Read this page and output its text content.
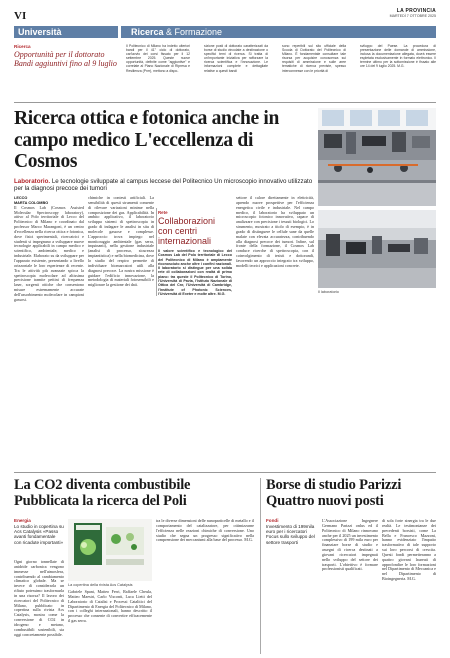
VI	LA PROVINCIA
MARTEDÌ 7 OTTOBRE 2025
Università	Ricerca & Formazione
Ricerca
Opportunità per il dottorato Bandi aggiuntivi fino al 9 luglio
Il Politecnico di Milano ha indetto ulteriori bandi per il 41° ciclo di dottorato, cari'avvio dei corsi fissato per il 12 settembre 2025. Queste nuove opportunità, definite come "aggiuntive" e correlate al Piano Nazionale di Ripresa e Resilienza (Pnrr), mettono a dispo-
sizione posti di dottorato caratterizzati da borse di studio vincolate a destinazione o specifici temi di ricerca. Si tratta di un'importante iniziativa per rafforzare la ricerca scientifica e l'innovazione. Le informazioni complete e dettagliate relative a questi bandi
sono reperibili sul sito ufficiale della Scuola di Dottorato del Politecnico di Milano. È fondamentale consultare tale risorsa per acquisire conoscenza sui requisiti di ammissione e sulle aree tematiche di ricerca previste, spesso interconnesse con le priorità di
sviluppo del Paese. La procedura di presentazione delle domande di ammissione, inclusa la documentazione allegata, dovrà essere espletata esclusivamente in formato elettronico. Il termine ultimo per la sottomissione è fissato alle ore 14 del 9 luglio 2025. M.G.
Ricerca ottica e fotonica anche in campo medico L'eccellenza di Cosmos
Laboratorio. Le tecnologie sviluppate al campus leccese del Politecnico Un microscopio innovativo utilizzato per la diagnosi precoce dei tumori
Il laboratorio
LECCO
MARTA COLOMBO
Il Cosmos Lab (Cosmos Assisted Molecular Spectroscopy laboratory), attivo al Polo territoriale di Lecco del Politecnico di Milano e coordinato dal professor Marco Marangoni, è un centro d'eccellenza nella ricerca ottica e fotonica, dove fisici sperimentali, ricercatrici e studenti si impegnano a sviluppare nuove tecnologie applicabili in campo medico e scientifico, ambientale, medico e industriale. Elaborato su da sviluppare per l'apparato esistente, presentando a livello orizzontale le loro esperienze di recente. Tra le attività più avanzate spicca la spettroscopia molecolare ad altissima precisione tramite pettini di frequenza laser, sorgenti ottiche che consentono misure estremamente accurate dell'assorbimento molecolare in campioni gassosi.
chimiche in contesti artificiali. La sensibilità di questi strumenti consente di rilevare variazioni minime nella composizione dei gas. Applicabilità. In ambito applicativo, il laboratorio sviluppa sistemi di spettroscopia in grado di indagare le analisi in situ di molecole gassose e complesse. L'approccio trova impiego nel monitoraggio ambientale (gas serra, inquinanti), nella gestione industriale (analisi di processo, sicurezza impiantistica) e nella biomedicina, dove lo studio del respiro permette di individuare biomarcatori utili alla diagnosi precoce. La nostra missione è guidare l'edificio innovazione, la metodologia di materiali fotosensibili e migliorare la gestione dei dati.
settore il calore direttamente in elettricità, aprendo nuove prospettive per l'efficienza energetica civile e industriale. Nel campo medico, il laboratorio ha sviluppato un microscopio fotonico innovativo, capace di analizzare con precisione i tessuti biologici. Lo strumento, mostrato a titolo di esempio, è in grado di distinguere le cellule sane da quelle malate con elevata accuratezza, contribuendo alla diagnosi precoce dei tumori. Infine, sul fronte della formazione, il Cosmos Lab conduce ricerche di spettroscopia, con il coinvolgimento di tesisti e dottorandi, favorendo un approccio integrato tra sviluppo, modelli teorici e applicazioni concrete.
Rete
Collaborazioni con centri internazionali
Il valore scientifico e tecnologico del Cosmos Lab del Polo territoriale di Lecco del Politecnico di Milano è ampiamente riconosciuto anche oltre i confini nazionali. Il laboratorio si distingue per una solida rete di collaborazioni con realtà di primo piano: tra queste il Politecnico di Torino, l'Università di Pavia, l'Istituto Nazionale di Ottica del Cnr, l'Università di Cambridge, l'Institute of Photonic Sciences, l'Università di Exeter e molte altre. M.G.
La CO2 diventa combustibile Pubblicata la ricerca del Poli
Energia
Lo studio in copertina su Acs Catalysis «Passo avanti fondamentale con ricadute importanti»
La copertina della rivista Acs Catalysis
Ogni giorno tonnellate di anidride carbonica vengono immesse nell'atmosfera, contribuendo al cambiamento climatico globale. Ma se invece di considerarla un rifiuto potessimo trasformarla in una risorsa? Il lavoro dei ricercatori del Politecnico di Milano, pubblicato in copertina sulla rivista Acs Catalysis, mostra come la conversione di CO2 in idrogeno e metano, combustibili sostenibili, sia oggi concretamente possibile.
Gabriele Spani, Matteo Ferri, Raffaele Cheula, Matteo Maestri, Carlo Visconti, Luca Lietti del Laboratorio di Catalisi e Processi Catalitici del Dipartimento di Energia del Politecnico di Milano, con i colleghi internazionali, hanno descritto il processo che consente di convertire efficacemente il gas serra.
tra le diverse dimensioni delle nanoparticelle di metallo e il comportamento del catalizzatore, per ottimizzarne l'efficienza nelle reazioni chimiche di conversione. Uno studio che segna un progresso significativo nella comprensione dei meccanismi alla base del processo. M.G.
Borse di studio Parizzi Quattro nuovi posti
Fondi
Investimento di 199mila euro per i ricercatori Focus sullo sviluppo del settore trasporti
L'Associazione Ingegnere Germano Parizzi onlus ed il Politecnico di Milano rinnovano anche per il 2025 un investimento complessivo di 199 mila euro per finanziare borse di studio e assegni di ricerca destinati a giovani ricercatori impegnati nello sviluppo del settore dei trasporti. L'obiettivo è formare professionisti qualificati.
di sola forte sinergia tra le due realtà. Le testimonianze dei precedenti borsisti, come La Bella e Francesco Mazzoni, hanno evidenziato l'impatto trasformativo di tale supporto sui loro percorsi di crescita. Questi fondi permetteranno a quattro giovani laureati di approfondire le loro formazioni nel Dipartimento di Meccanica e nel Dipartimento di Bioingegneria. M.G.
